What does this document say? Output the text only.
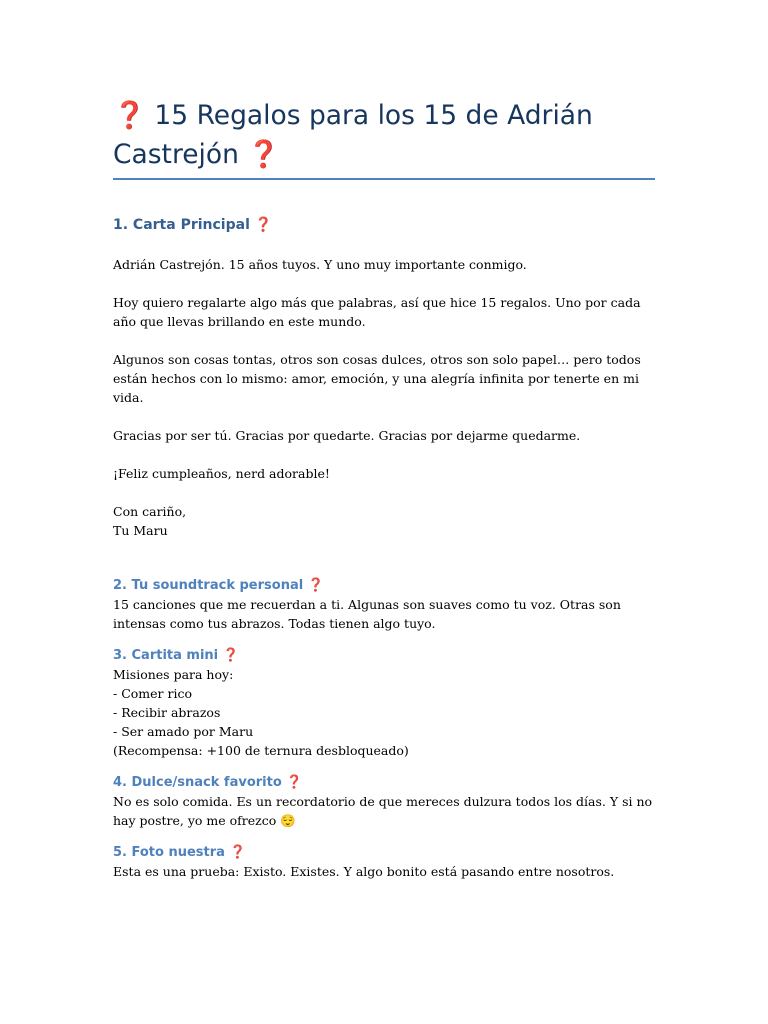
❓ 15 Regalos para los 15 de Adrián Castrejón ❓
1. Carta Principal ❓

Adrián Castrejón. 15 años tuyos. Y uno muy importante conmigo.

Hoy quiero regalarte algo más que palabras, así que hice 15 regalos. Uno por cada año que llevas brillando en este mundo.

Algunos son cosas tontas, otros son cosas dulces, otros son solo papel… pero todos están hechos con lo mismo: amor, emoción, y una alegría infinita por tenerte en mi vida.

Gracias por ser tú. Gracias por quedarte. Gracias por dejarme quedarme.

¡Feliz cumpleaños, nerd adorable!

Con cariño,

Tu Maru

2. Tu soundtrack personal ❓

15 canciones que me recuerdan a ti. Algunas son suaves como tu voz. Otras son intensas como tus abrazos. Todas tienen algo tuyo.

3. Cartita mini ❓

Misiones para hoy:

- Comer rico

- Recibir abrazos

- Ser amado por Maru

(Recompensa: +100 de ternura desbloqueado)

4. Dulce/snack favorito ❓

No es solo comida. Es un recordatorio de que mereces dulzura todos los días. Y si no hay postre, yo me ofrezco 😌

5. Foto nuestra ❓

Esta es una prueba: Existo. Existes. Y algo bonito está pasando entre nosotros.
